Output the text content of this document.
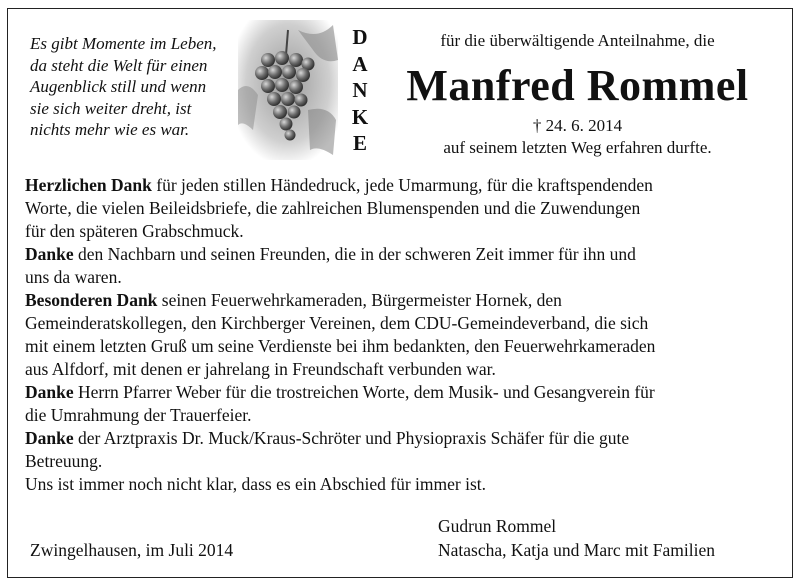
Es gibt Momente im Leben,
da steht die Welt für einen
Augenblick still und wenn
sie sich weiter dreht, ist
nichts mehr wie es war.
D
A
N
K
E
für die überwältigende Anteilnahme, die
Manfred Rommel
† 24. 6. 2014
auf seinem letzten Weg erfahren durfte.
Herzlichen Dank für jeden stillen Händedruck, jede Umarmung, für die kraftspendenden
Worte, die vielen Beileidsbriefe, die zahlreichen Blumenspenden und die Zuwendungen
für den späteren Grabschmuck.
Danke den Nachbarn und seinen Freunden, die in der schweren Zeit immer für ihn und
uns da waren.
Besonderen Dank seinen Feuerwehrkameraden, Bürgermeister Hornek, den
Gemeinderatskollegen, den Kirchberger Vereinen, dem CDU-Gemeindeverband, die sich
mit einem letzten Gruß um seine Verdienste bei ihm bedankten, den Feuerwehrkameraden
aus Alfdorf, mit denen er jahrelang in Freundschaft verbunden war.
Danke Herrn Pfarrer Weber für die trostreichen Worte, dem Musik- und Gesangverein für
die Umrahmung der Trauerfeier.
Danke der Arztpraxis Dr. Muck/Kraus-Schröter und Physiopraxis Schäfer für die gute
Betreuung.
Uns ist immer noch nicht klar, dass es ein Abschied für immer ist.
Zwingelhausen, im Juli 2014
Gudrun Rommel
Natascha, Katja und Marc mit Familien
